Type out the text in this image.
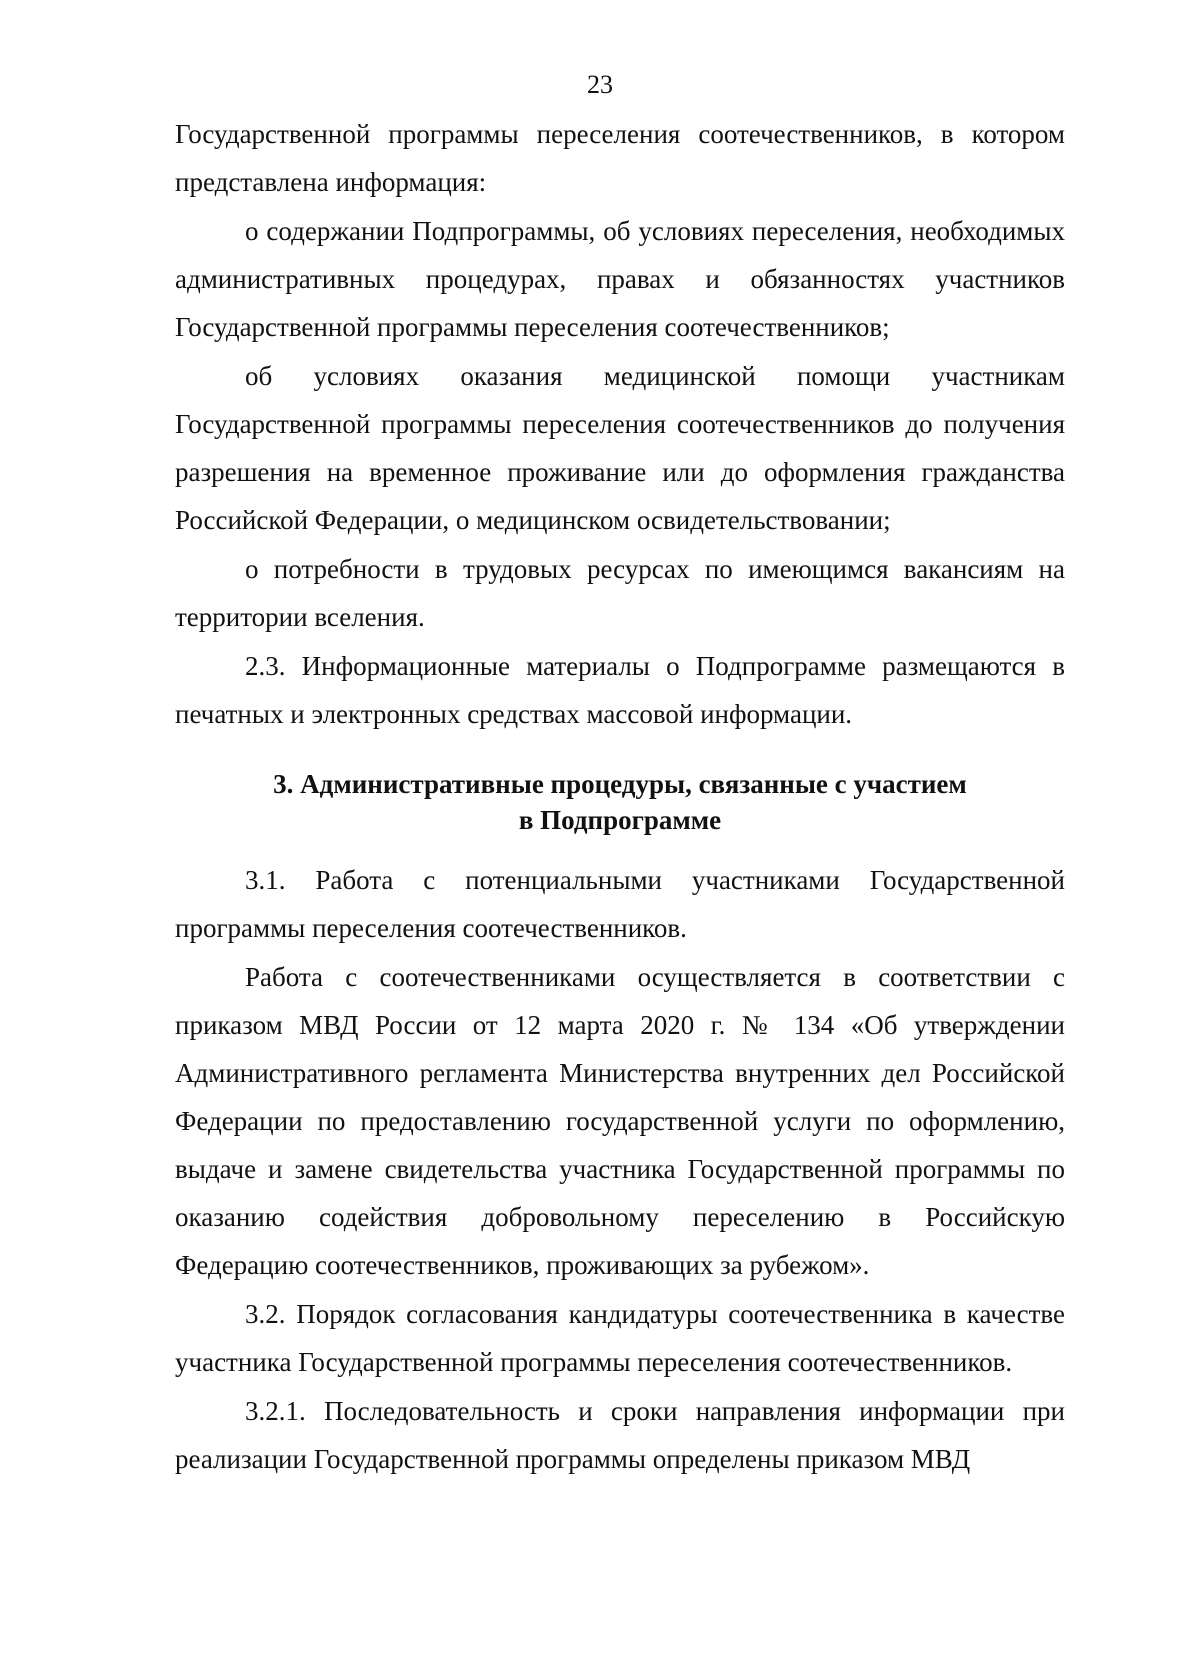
23

Государственной программы переселения соотечественников, в котором представлена информация:

о содержании Подпрограммы, об условиях переселения, необходимых административных процедурах, правах и обязанностях участников Государственной программы переселения соотечественников;

об условиях оказания медицинской помощи участникам Государственной программы переселения соотечественников до получения разрешения на временное проживание или до оформления гражданства Российской Федерации, о медицинском освидетельствовании;

о потребности в трудовых ресурсах по имеющимся вакансиям на территории вселения.

2.3. Информационные материалы о Подпрограмме размещаются в печатных и электронных средствах массовой информации.

3. Административные процедуры, связанные с участием
в Подпрограмме

3.1. Работа с потенциальными участниками Государственной программы переселения соотечественников.

Работа с соотечественниками осуществляется в соответствии с приказом МВД России от 12 марта 2020 г. № 134 «Об утверждении Административного регламента Министерства внутренних дел Российской Федерации по предоставлению государственной услуги по оформлению, выдаче и замене свидетельства участника Государственной программы по оказанию содействия добровольному переселению в Российскую Федерацию соотечественников, проживающих за рубежом».

3.2. Порядок согласования кандидатуры соотечественника в качестве участника Государственной программы переселения соотечественников.

3.2.1. Последовательность и сроки направления информации при реализации Государственной программы определены приказом МВД
